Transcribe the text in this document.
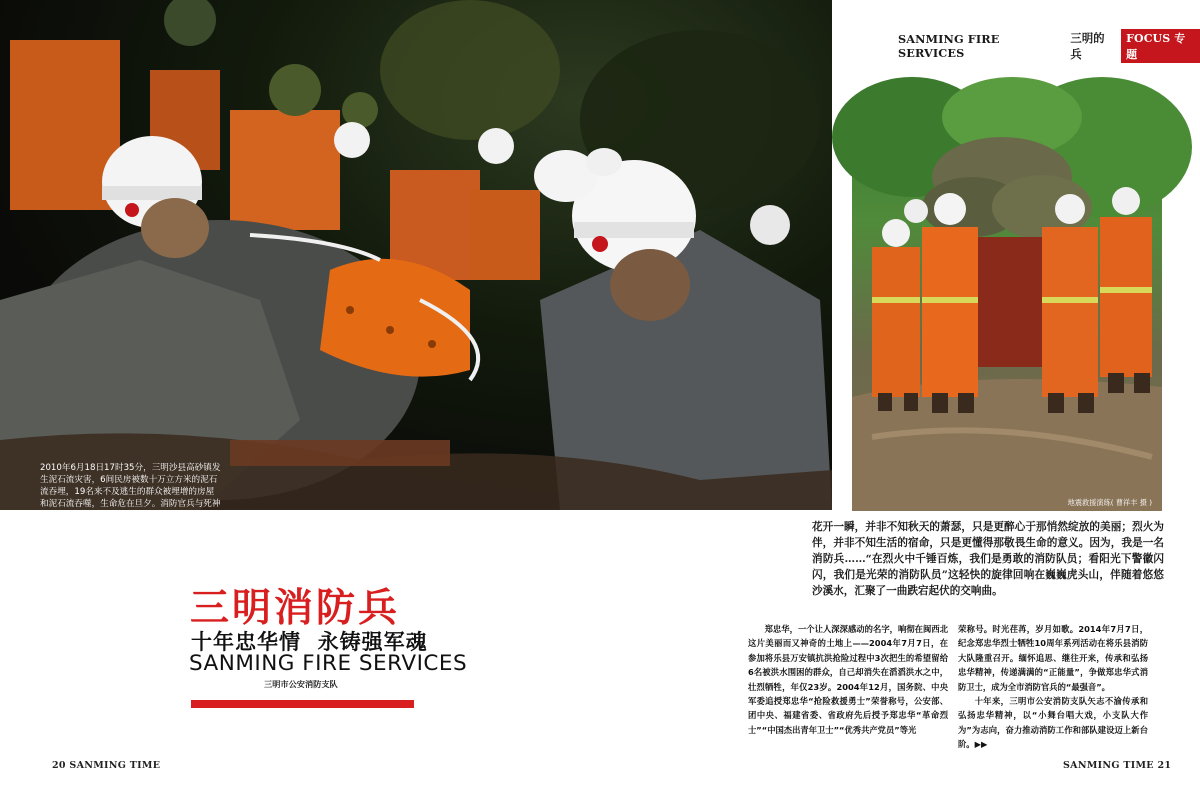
2010年6月18日17时35分，三明沙县高砂镇发生泥石流灾害，6间民房被数十万立方米的泥石流吞埋，19名来不及逃生的群众被埋增的房屋和泥石流吞噬，生命危在旦夕。消防官兵与死神赛跑，全力展开营救。
SANMING FIRE SERVICES
三明的兵
FOCUS 专题
地震救援演练( 曹祥丰 摄 )
花开一瞬，并非不知秋天的萧瑟，只是更醉心于那悄然绽放的美丽；烈火为伴，并非不知生活的宿命，只是更懂得那敬畏生命的意义。因为，我是一名消防兵……“在烈火中千锤百炼，我们是勇敢的消防队员；看阳光下警徽闪闪，我们是光荣的消防队员”这轻快的旋律回响在巍巍虎头山，伴随着悠悠沙溪水，汇聚了一曲跌宕起伏的交响曲。
三明消防兵
十年忠华情  永铸强军魂
SANMING FIRE SERVICES
三明市公安消防支队

郑忠华，一个让人深深感动的名字，响彻在闽西北这片美丽而又神奇的土地上——2004年7月7日，在参加将乐县万安镇抗洪抢险过程中3次把生的希望留给6名被洪水围困的群众，自己却消失在滔滔洪水之中，壮烈牺牲，年仅23岁。2004年12月，国务院、中央军委追授郑忠华“抢险救援勇士”荣誉称号，公安部、团中央、福建省委、省政府先后授予郑忠华“革命烈士”“中国杰出青年卫士”“优秀共产党员”等光

荣称号。时光荏苒，岁月如歌。2014年7月7日，纪念郑忠华烈士牺牲10周年系列活动在将乐县消防大队隆重召开。缅怀追思、继往开来，传承和弘扬忠华精神，传递满满的“正能量”，争做郑忠华式消防卫士，成为全市消防官兵的“最强音”。

十年来，三明市公安消防支队矢志不渝传承和弘扬忠华精神，以“小舞台唱大戏，小支队大作为”为志向，奋力推动消防工作和部队建设迈上新台阶。▶▶

20 SANMING TIME	SANMING TIME 21
